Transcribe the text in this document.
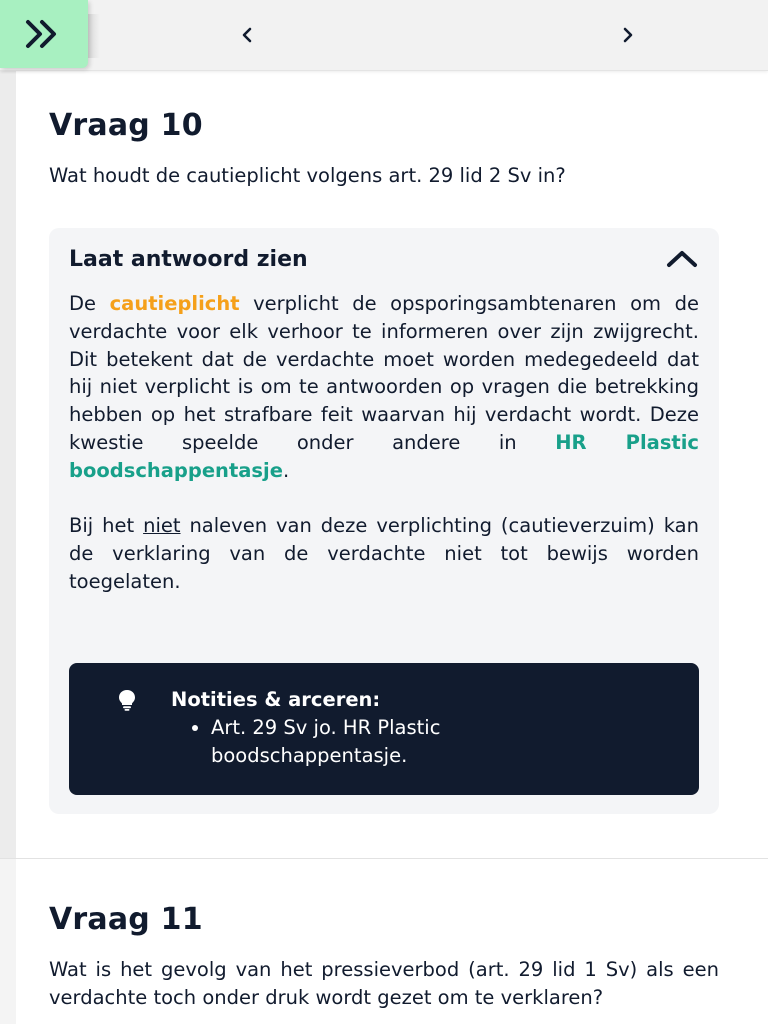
Vraag 10

Wat houdt de cautieplicht volgens art. 29 lid 2 Sv in?

Laat antwoord zien

De cautieplicht verplicht de opsporingsambtenaren om de verdachte voor elk verhoor te informeren over zijn zwijgrecht. Dit betekent dat de verdachte moet worden medegedeeld dat hij niet verplicht is om te antwoorden op vragen die betrekking hebben op het strafbare feit waarvan hij verdacht wordt. Deze kwestie speelde onder andere in HR Plastic boodschappentasje.

Bij het niet naleven van deze verplichting (cautieverzuim) kan de verklaring van de verdachte niet tot bewijs worden toegelaten.

Notities & arceren:
• Art. 29 Sv jo. HR Plastic boodschappentasje.
Vraag 11

Wat is het gevolg van het pressieverbod (art. 29 lid 1 Sv) als een verdachte toch onder druk wordt gezet om te verklaren?
